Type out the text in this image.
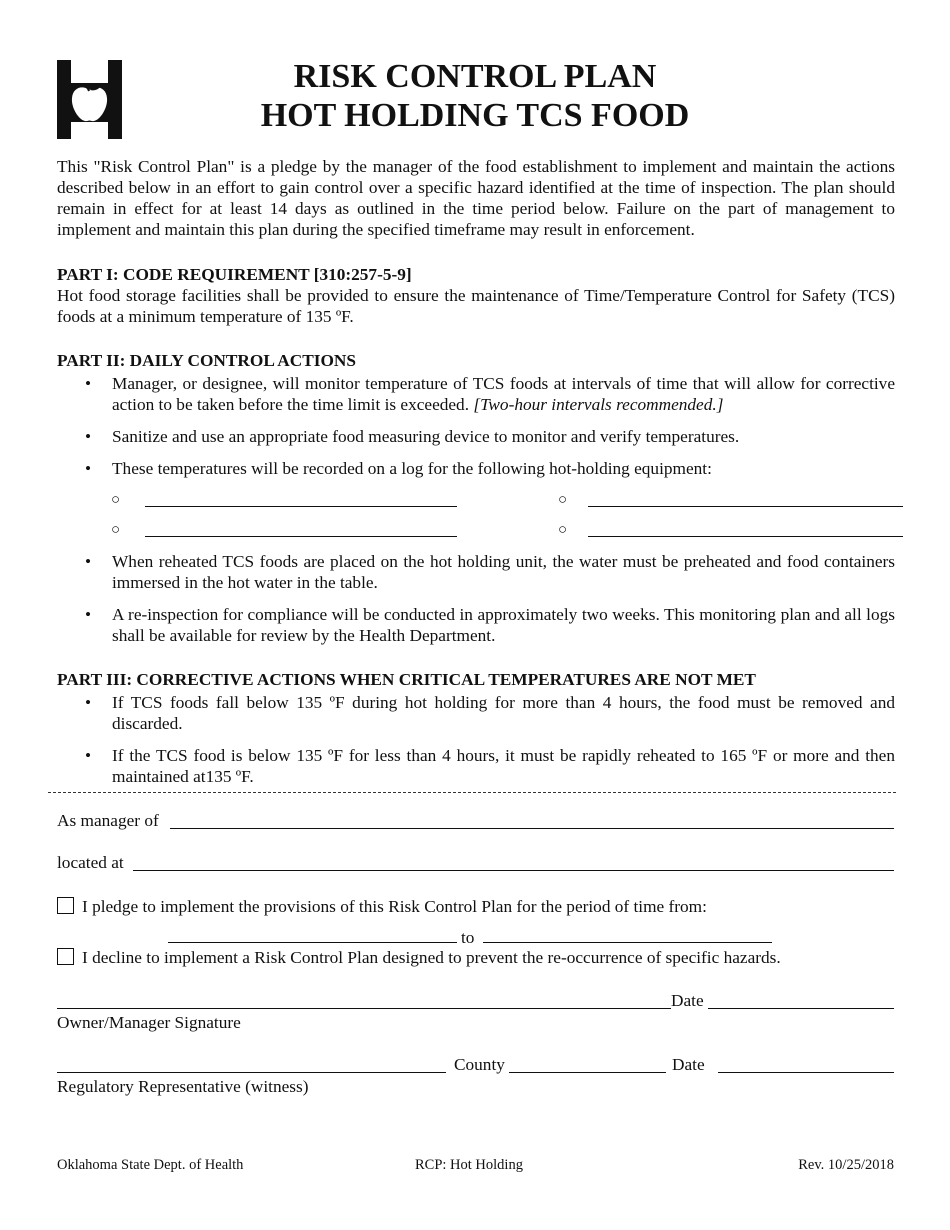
RISK CONTROL PLAN
HOT HOLDING TCS FOOD
This "Risk Control Plan" is a pledge by the manager of the food establishment to implement and maintain the actions described below in an effort to gain control over a specific hazard identified at the time of inspection. The plan should remain in effect for at least 14 days as outlined in the time period below. Failure on the part of management to implement and maintain this plan during the specified timeframe may result in enforcement.
PART I: CODE REQUIREMENT [310:257-5-9]
Hot food storage facilities shall be provided to ensure the maintenance of Time/Temperature Control for Safety (TCS) foods at a minimum temperature of 135 ºF.
PART II: DAILY CONTROL ACTIONS
• Manager, or designee, will monitor temperature of TCS foods at intervals of time that will allow for corrective action to be taken before the time limit is exceeded. [Two-hour intervals recommended.]
• Sanitize and use an appropriate food measuring device to monitor and verify temperatures.
• These temperatures will be recorded on a log for the following hot-holding equipment:
○	○
○	○
• When reheated TCS foods are placed on the hot holding unit, the water must be preheated and food containers immersed in the hot water in the table.
• A re-inspection for compliance will be conducted in approximately two weeks. This monitoring plan and all logs shall be available for review by the Health Department.
PART III: CORRECTIVE ACTIONS WHEN CRITICAL TEMPERATURES ARE NOT MET
• If TCS foods fall below 135 ºF during hot holding for more than 4 hours, the food must be removed and discarded.
• If the TCS food is below 135 ºF for less than 4 hours, it must be rapidly reheated to 165 ºF or more and then maintained at135 ºF.
As manager of
located at
I pledge to implement the provisions of this Risk Control Plan for the period of time from:
to
I decline to implement a Risk Control Plan designed to prevent the re-occurrence of specific hazards.
Date
Owner/Manager Signature
County	Date
Regulatory Representative (witness)
Oklahoma State Dept. of Health	RCP: Hot Holding	Rev. 10/25/2018
